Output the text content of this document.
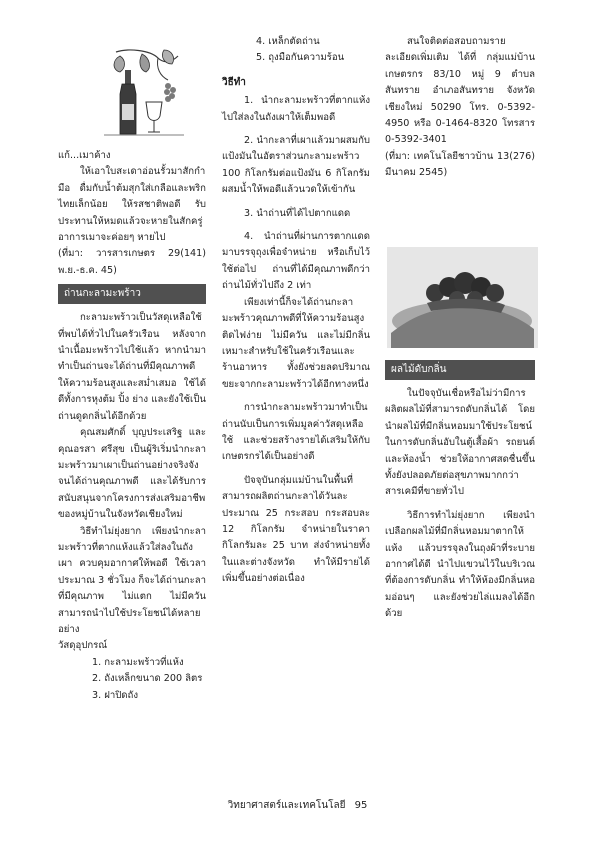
แก้...เมาค้าง

ให้เอาใบสะเดาอ่อนรั้วมาสักกำมือ ดื่มกับน้ำต้มสุกใส่เกลือและพริกไทยเล็กน้อย ให้รสชาติพอดี รับประทานให้หมดแล้วจะหายในสักครู่ อาการเมาจะค่อยๆ หายไป

(ที่มา: วารสารเกษตร 29(141) พ.ย.-ธ.ค. 45)

ถ่านกะลามะพร้าว

กะลามะพร้าวเป็นวัสดุเหลือใช้ที่พบได้ทั่วไปในครัวเรือน หลังจากนำเนื้อมะพร้าวไปใช้แล้ว หากนำมาทำเป็นถ่านจะได้ถ่านที่มีคุณภาพดี ให้ความร้อนสูงและสม่ำเสมอ ใช้ได้ดีทั้งการหุงต้ม ปิ้ง ย่าง และยังใช้เป็นถ่านดูดกลิ่นได้อีกด้วย

คุณสมศักดิ์ บุญประเสริฐ และคุณอรสา ศรีสุข เป็นผู้ริเริ่มนำกะลามะพร้าวมาเผาเป็นถ่านอย่างจริงจัง จนได้ถ่านคุณภาพดี และได้รับการสนับสนุนจากโครงการส่งเสริมอาชีพของหมู่บ้านในจังหวัดเชียงใหม่

วิธีทำไม่ยุ่งยาก เพียงนำกะลามะพร้าวที่ตากแห้งแล้วใส่ลงในถังเผา ควบคุมอากาศให้พอดี ใช้เวลาประมาณ 3 ชั่วโมง ก็จะได้ถ่านกะลาที่มีคุณภาพ ไม่แตก ไม่มีควัน สามารถนำไปใช้ประโยชน์ได้หลายอย่าง

วัสดุอุปกรณ์

1. กะลามะพร้าวที่แห้ง
2. ถังเหล็กขนาด 200 ลิตร
3. ฝาปิดถัง
4. เหล็กตัดถ่าน
5. ถุงมือกันความร้อน
วิธีทำ

1. นำกะลามะพร้าวที่ตากแห้งไปใส่ลงในถังเผาให้เต็มพอดี

2. นำกะลาที่เผาแล้วมาผสมกับแป้งมันในอัตราส่วนกะลามะพร้าว 100 กิโลกรัมต่อแป้งมัน 6 กิโลกรัม ผสมน้ำให้พอดีแล้วนวดให้เข้ากัน

3. นำถ่านที่ได้ไปตากแดด

4. นำถ่านที่ผ่านการตากแดดมาบรรจุถุงเพื่อจำหน่าย หรือเก็บไว้ใช้ต่อไป ถ่านที่ได้มีคุณภาพดีกว่าถ่านไม้ทั่วไปถึง 2 เท่า

เพียงเท่านี้ก็จะได้ถ่านกะลามะพร้าวคุณภาพดีที่ให้ความร้อนสูง ติดไฟง่าย ไม่มีควัน และไม่มีกลิ่น เหมาะสำหรับใช้ในครัวเรือนและร้านอาหาร ทั้งยังช่วยลดปริมาณขยะจากกะลามะพร้าวได้อีกทางหนึ่ง

การนำกะลามะพร้าวมาทำเป็นถ่านนับเป็นการเพิ่มมูลค่าวัสดุเหลือใช้ และช่วยสร้างรายได้เสริมให้กับเกษตรกรได้เป็นอย่างดี

ปัจจุบันกลุ่มแม่บ้านในพื้นที่สามารถผลิตถ่านกะลาได้วันละประมาณ 25 กระสอบ กระสอบละ 12 กิโลกรัม จำหน่ายในราคากิโลกรัมละ 25 บาท ส่งจำหน่ายทั้งในและต่างจังหวัด ทำให้มีรายได้เพิ่มขึ้นอย่างต่อเนื่อง

สนใจติดต่อสอบถามรายละเอียดเพิ่มเติม ได้ที่ กลุ่มแม่บ้านเกษตรกร 83/10 หมู่ 9 ตำบลสันทราย อำเภอสันทราย จังหวัดเชียงใหม่ 50290 โทร. 0-5392-4950 หรือ 0-1464-8320 โทรสาร 0-5392-3401

(ที่มา: เทคโนโลยีชาวบ้าน 13(276) มีนาคม 2545)

ผลไม้ดับกลิ่น

ในปัจจุบันเชื่อหรือไม่ว่ามีการผลิตผลไม้ที่สามารถดับกลิ่นได้ โดยนำผลไม้ที่มีกลิ่นหอมมาใช้ประโยชน์ในการดับกลิ่นอับในตู้เสื้อผ้า รถยนต์ และห้องน้ำ ช่วยให้อากาศสดชื่นขึ้น ทั้งยังปลอดภัยต่อสุขภาพมากกว่าสารเคมีที่ขายทั่วไป

วิธีการทำไม่ยุ่งยาก เพียงนำเปลือกผลไม้ที่มีกลิ่นหอมมาตากให้แห้ง แล้วบรรจุลงในถุงผ้าที่ระบายอากาศได้ดี นำไปแขวนไว้ในบริเวณที่ต้องการดับกลิ่น ทำให้ห้องมีกลิ่นหอมอ่อนๆ และยังช่วยไล่แมลงได้อีกด้วย

วิทยาศาสตร์และเทคโนโลยี 95
